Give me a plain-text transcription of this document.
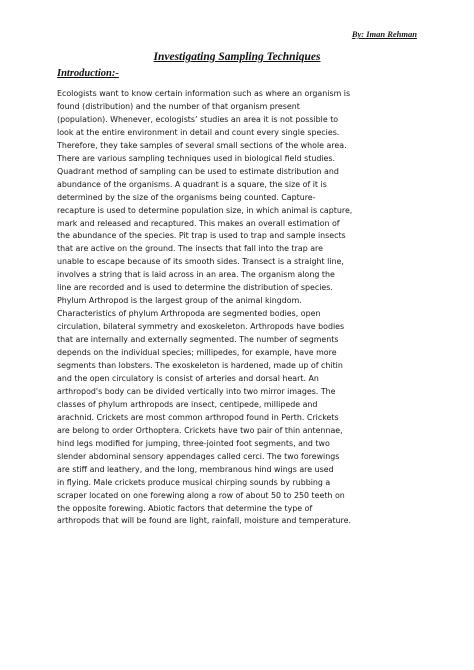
By: Iman Rehman
Investigating Sampling Techniques
Introduction:-
Ecologists want to know certain information such as where an organism is
found (distribution) and the number of that organism present
(population). Whenever, ecologists’ studies an area it is not possible to
look at the entire environment in detail and count every single species.
Therefore, they take samples of several small sections of the whole area.
There are various sampling techniques used in biological field studies.
Quadrant method of sampling can be used to estimate distribution and
abundance of the organisms. A quadrant is a square, the size of it is
determined by the size of the organisms being counted. Capture-
recapture is used to determine population size, in which animal is capture,
mark and released and recaptured. This makes an overall estimation of
the abundance of the species. Pit trap is used to trap and sample insects
that are active on the ground. The insects that fall into the trap are
unable to escape because of its smooth sides. Transect is a straight line,
involves a string that is laid across in an area. The organism along the
line are recorded and is used to determine the distribution of species.
Phylum Arthropod is the largest group of the animal kingdom.
Characteristics of phylum Arthropoda are segmented bodies, open
circulation, bilateral symmetry and exoskeleton. Arthropods have bodies
that are internally and externally segmented. The number of segments
depends on the individual species; millipedes, for example, have more
segments than lobsters. The exoskeleton is hardened, made up of chitin
and the open circulatory is consist of arteries and dorsal heart. An
arthropod's body can be divided vertically into two mirror images. The
classes of phylum arthropods are insect, centipede, millipede and
arachnid. Crickets are most common arthropod found in Perth. Crickets
are belong to order Orthoptera. Crickets have two pair of thin antennae,
hind legs modified for jumping, three-jointed foot segments, and two
slender abdominal sensory appendages called cerci. The two forewings
are stiff and leathery, and the long, membranous hind wings are used
in flying. Male crickets produce musical chirping sounds by rubbing a
scraper located on one forewing along a row of about 50 to 250 teeth on
the opposite forewing. Abiotic factors that determine the type of
arthropods that will be found are light, rainfall, moisture and temperature.
